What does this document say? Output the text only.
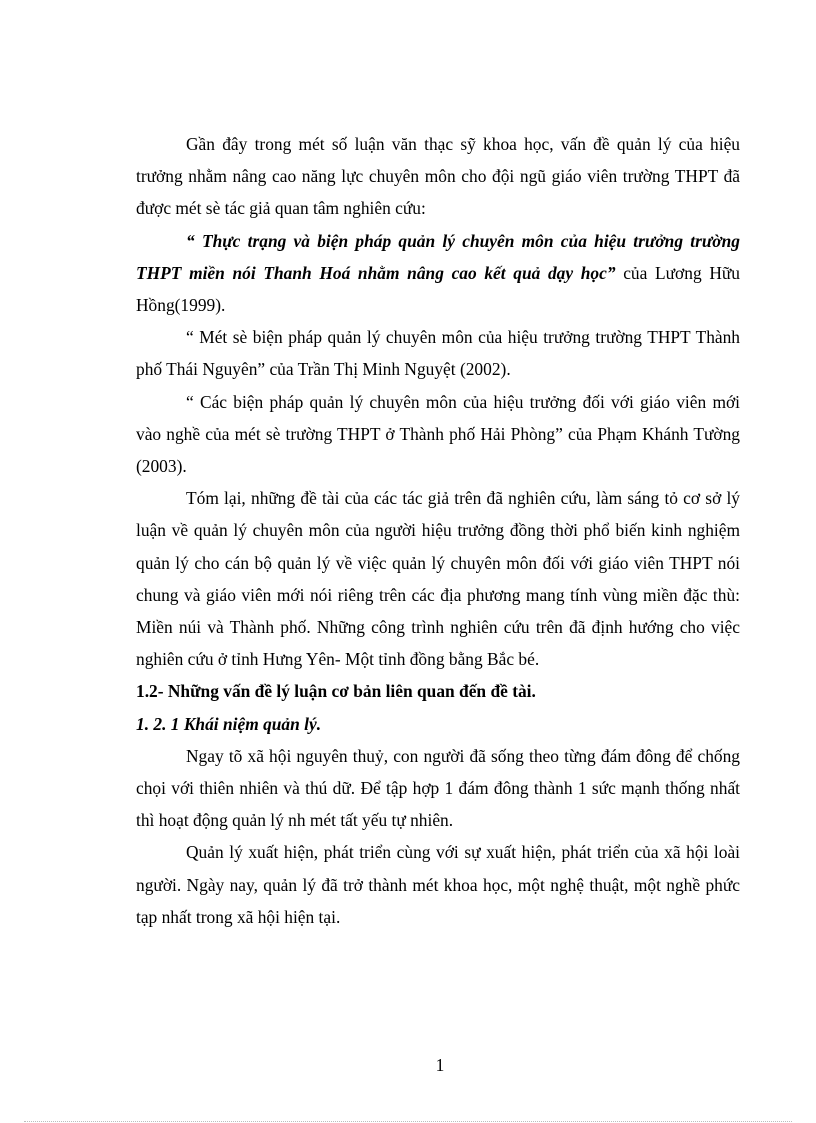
Gần đây trong mét số luận văn thạc sỹ khoa học, vấn đề quản lý của hiệu trưởng nhằm nâng cao năng lực chuyên môn cho đội ngũ giáo viên trường THPT đã được mét sè tác giả quan tâm nghiên cứu:

“ Thực trạng và biện pháp quản lý chuyên môn của hiệu trưởng trường THPT miền nói Thanh Hoá nhằm nâng cao kết quả dạy học” của Lương Hữu Hồng(1999).

“ Mét sè biện pháp quản lý chuyên môn của hiệu trưởng trường THPT Thành phố Thái Nguyên” của Trần Thị Minh Nguyệt (2002).

“ Các biện pháp quản lý chuyên môn của hiệu trưởng đối với giáo viên mới vào nghề của mét sè trường THPT ở Thành phố Hải Phòng” của Phạm Khánh Tường (2003).

Tóm lại, những đề tài của các tác giả trên đã nghiên cứu, làm sáng tỏ cơ sở lý luận về quản lý chuyên môn của người hiệu trưởng đồng thời phổ biến kinh nghiệm quản lý cho cán bộ quản lý về việc quản lý chuyên môn đối với giáo viên THPT nói chung và giáo viên mới nói riêng trên các địa phương mang tính vùng miền đặc thù: Miền núi và Thành phố. Những công trình nghiên cứu trên đã định hướng cho việc nghiên cứu ở tỉnh Hưng Yên- Một tỉnh đồng bằng Bắc bé.

1.2- Những vấn đề lý luận cơ bản liên quan đến đề tài.

1. 2. 1 Khái niệm quản lý.

Ngay tõ xã hội nguyên thuỷ, con người đã sống theo từng đám đông để chống chọi với thiên nhiên và thú dữ. Để tập hợp 1 đám đông thành 1 sức mạnh thống nhất thì hoạt động quản lý nh mét tất yếu tự nhiên.

Quản lý xuất hiện, phát triển cùng với sự xuất hiện, phát triển của xã hội loài người. Ngày nay, quản lý đã trở thành mét khoa học, một nghệ thuật, một nghề phức tạp nhất trong xã hội hiện tại.

1
